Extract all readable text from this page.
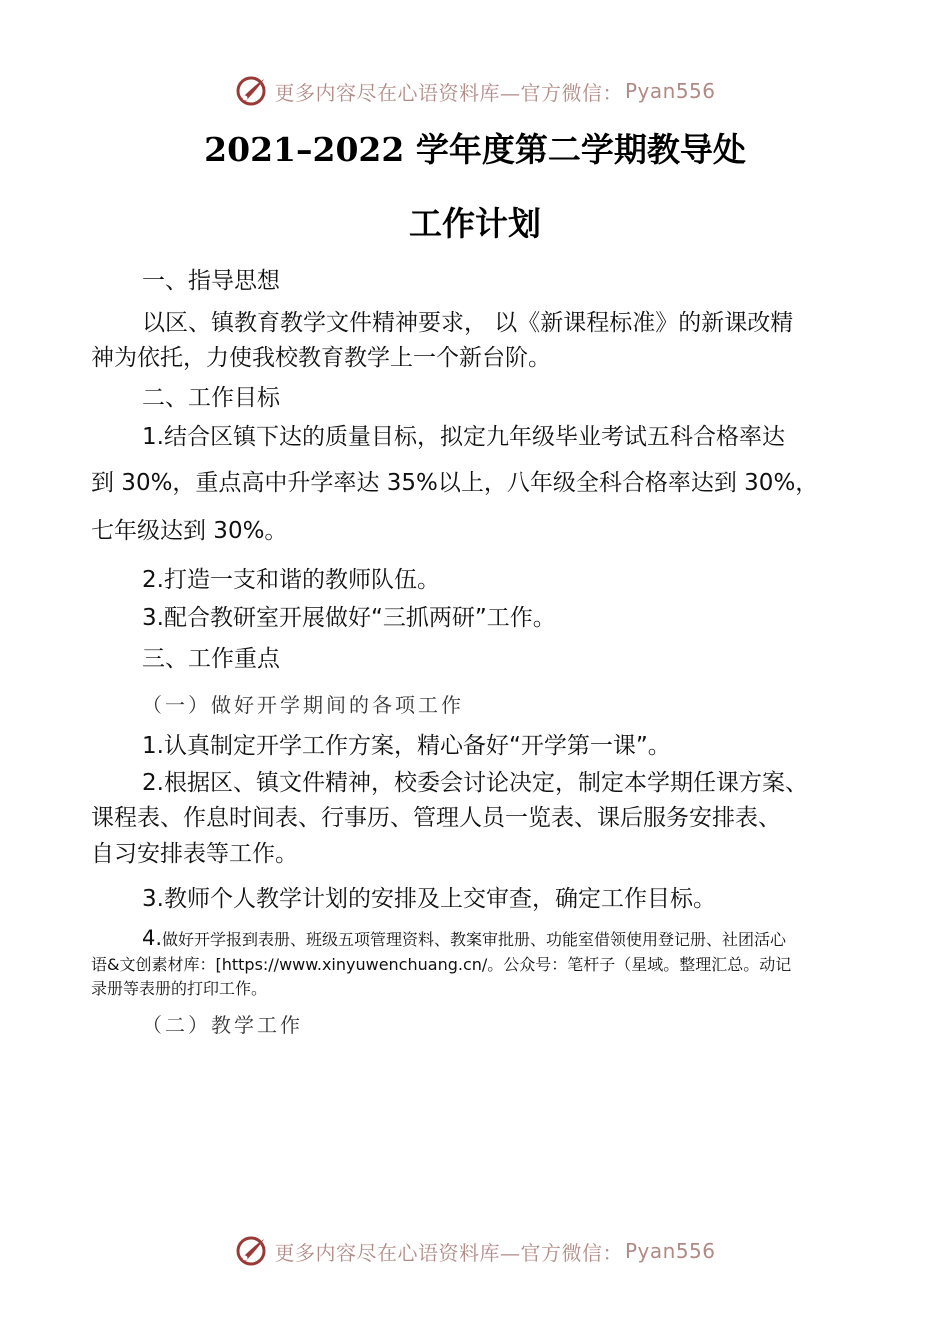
更多内容尽在心语资料库—官方微信： Pyan556
2021–2022 学年度第二学期教导处
工作计划
一、指导思想
以区、镇教育教学文件精神要求， 以《新课程标准》的新课改精
神为依托，力使我校教育教学上一个新台阶。
二、工作目标
1.结合区镇下达的质量目标，拟定九年级毕业考试五科合格率达
到 30%，重点高中升学率达 35%以上，八年级全科合格率达到 30%，
七年级达到 30%。
2.打造一支和谐的教师队伍。
3.配合教研室开展做好“三抓两研”工作。
三、工作重点
（一）做好开学期间的各项工作
1.认真制定开学工作方案，精心备好“开学第一课”。
2.根据区、镇文件精神，校委会讨论决定，制定本学期任课方案、
课程表、作息时间表、行事历、管理人员一览表、课后服务安排表、
自习安排表等工作。
3.教师个人教学计划的安排及上交审查，确定工作目标。
4.做好开学报到表册、班级五项管理资料、教案审批册、功能室借领使用登记册、社团活心
语&文创素材库：[https://www.xinyuwenchuang.cn/。公众号：笔杆子（星域。整理汇总。动记
录册等表册的打印工作。
（二）教学工作
更多内容尽在心语资料库—官方微信： Pyan556
